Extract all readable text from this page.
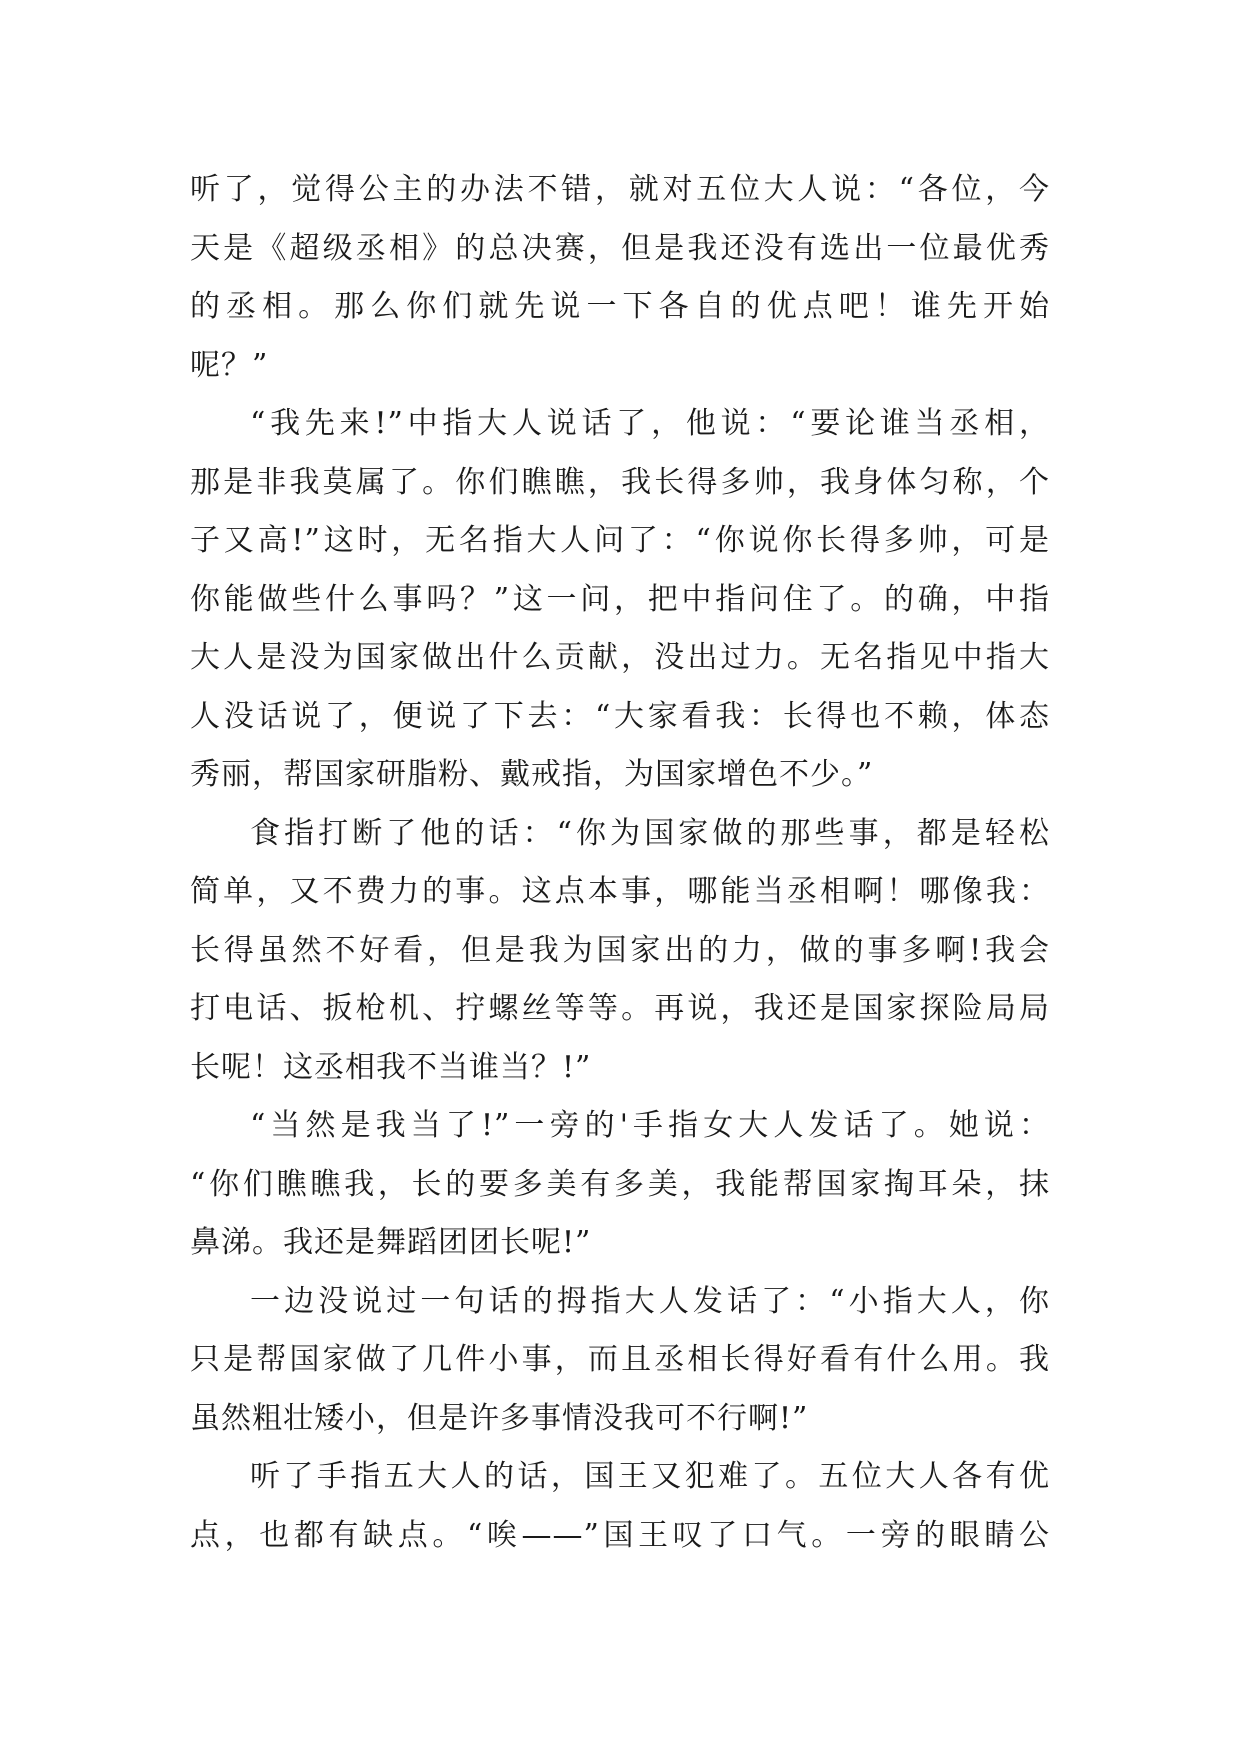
听了，觉得公主的办法不错，就对五位大人说：“各位，今
天是《超级丞相》的总决赛，但是我还没有选出一位最优秀
的丞相。那么你们就先说一下各自的优点吧！谁先开始
呢？”
“我先来!”中指大人说话了，他说：“要论谁当丞相，
那是非我莫属了。你们瞧瞧，我长得多帅，我身体匀称，个
子又高!”这时，无名指大人问了：“你说你长得多帅，可是
你能做些什么事吗？”这一问，把中指问住了。的确，中指
大人是没为国家做出什么贡献，没出过力。无名指见中指大
人没话说了，便说了下去：“大家看我：长得也不赖，体态
秀丽，帮国家研脂粉、戴戒指，为国家增色不少。”
食指打断了他的话：“你为国家做的那些事，都是轻松
简单，又不费力的事。这点本事，哪能当丞相啊！哪像我：
长得虽然不好看，但是我为国家出的力，做的事多啊!我会
打电话、扳枪机、拧螺丝等等。再说，我还是国家探险局局
长呢！这丞相我不当谁当？!”
“当然是我当了!”一旁的'手指女大人发话了。她说：
“你们瞧瞧我，长的要多美有多美，我能帮国家掏耳朵，抹
鼻涕。我还是舞蹈团团长呢!”
一边没说过一句话的拇指大人发话了：“小指大人，你
只是帮国家做了几件小事，而且丞相长得好看有什么用。我
虽然粗壮矮小，但是许多事情没我可不行啊!”
听了手指五大人的话，国王又犯难了。五位大人各有优
点，也都有缺点。“唉——”国王叹了口气。一旁的眼睛公
